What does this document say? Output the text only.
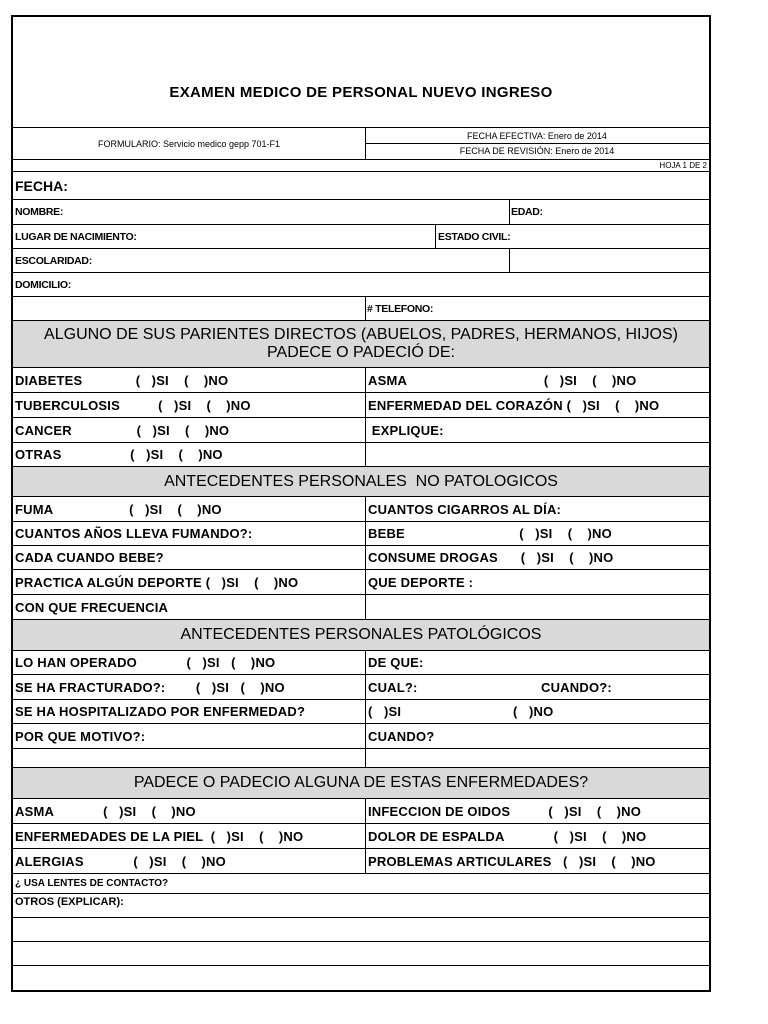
EXAMEN MEDICO DE PERSONAL NUEVO INGRESO
FORMULARIO: Servicio medico gepp 701-F1
FECHA EFECTIVA: Enero de 2014
FECHA DE REVISIÓN: Enero de 2014
HOJA 1 DE 2
FECHA:
NOMBRE:	EDAD:
LUGAR DE NACIMIENTO:	ESTADO CIVIL:
ESCOLARIDAD:
DOMICILIO:
# TELEFONO:
ALGUNO DE SUS PARIENTES DIRECTOS (ABUELOS, PADRES, HERMANOS, HIJOS) PADECE O PADECIÓ DE:
DIABETES              (   )SI    (    )NO	ASMA                                    (   )SI    (    )NO
TUBERCULOSIS          (   )SI    (    )NO	ENFERMEDAD DEL CORAZÓN (   )SI    (    )NO
CANCER                 (   )SI    (    )NO	EXPLIQUE:
OTRAS                  (   )SI    (    )NO
ANTECEDENTES PERSONALES  NO PATOLOGICOS
FUMA                    (   )SI    (    )NO	CUANTOS CIGARROS AL DÍA:
CUANTOS AÑOS LLEVA FUMANDO?:	BEBE                              (   )SI    (    )NO
CADA CUANDO BEBE?	CONSUME DROGAS      (   )SI    (    )NO
PRACTICA ALGÚN DEPORTE (   )SI    (    )NO	QUE DEPORTE :
CON QUE FRECUENCIA
ANTECEDENTES PERSONALES PATOLÓGICOS
LO HAN OPERADO             (   )SI   (    )NO	DE QUE:
SE HA FRACTURADO?:        (   )SI   (    )NO	CUAL?:	CUANDO?:
SE HA HOSPITALIZADO POR ENFERMEDAD?	(   )SI	(   )NO
POR QUE MOTIVO?:	CUANDO?
PADECE O PADECIO ALGUNA DE ESTAS ENFERMEDADES?
ASMA             (   )SI    (    )NO	INFECCION DE OIDOS          (   )SI    (    )NO
ENFERMEDADES DE LA PIEL  (   )SI    (    )NO	DOLOR DE ESPALDA             (   )SI    (    )NO
ALERGIAS             (   )SI    (    )NO	PROBLEMAS ARTICULARES   (   )SI    (    )NO
¿ USA LENTES DE CONTACTO?
OTROS (EXPLICAR):
